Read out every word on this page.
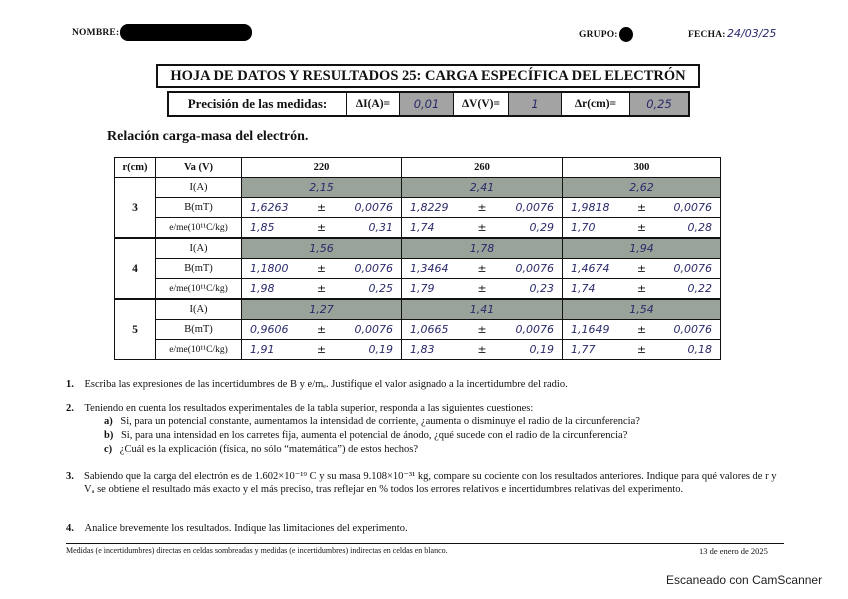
NOMBRE:	GRUPO:	FECHA: 24/03/25
HOJA DE DATOS Y RESULTADOS 25: CARGA ESPECÍFICA DEL ELECTRÓN
Precisión de las medidas:	ΔI(A)=	0,01	ΔV(V)=	1	Δr(cm)=	0,25
Relación carga-masa del electrón.
r(cm)	Va (V)	220	260	300
3	I(A)	2,15	2,41	2,62
	B(mT)	1,6263 ± 0,0076	1,8229 ± 0,0076	1,9818 ± 0,0076

	e/me(10¹¹C/kg)	1,85 ± 0,31	1,74 ± 0,29	1,70 ± 0,28

4	I(A)	1,56	1,78	1,94
	B(mT)	1,1800 ± 0,0076	1,3464 ± 0,0076	1,4674 ± 0,0076

	e/me(10¹¹C/kg)	1,98 ± 0,25	1,79 ± 0,23	1,74 ± 0,22

5	I(A)	1,27	1,41	1,54
	B(mT)	0,9606 ± 0,0076	1,0665 ± 0,0076	1,1649 ± 0,0076

	e/me(10¹¹C/kg)	1,91 ± 0,19	1,83 ± 0,19	1,77 ± 0,18
1. Escriba las expresiones de las incertidumbres de B y e/mₑ. Justifique el valor asignado a la incertidumbre del radio.
2. Teniendo en cuenta los resultados experimentales de la tabla superior, responda a las siguientes cuestiones:
a) Si, para un potencial constante, aumentamos la intensidad de corriente, ¿aumenta o disminuye el radio de la circunferencia?
b) Si, para una intensidad en los carretes fija, aumenta el potencial de ánodo, ¿qué sucede con el radio de la circunferencia?
c) ¿Cuál es la explicación (física, no sólo “matemática”) de estos hechos?
3. Sabiendo que la carga del electrón es de 1.602×10⁻¹⁹ C y su masa 9.108×10⁻³¹ kg, compare su cociente con los resultados anteriores. Indique para qué valores de r y Vₐ se obtiene el resultado más exacto y el más preciso, tras reflejar en % todos los errores relativos e incertidumbres relativas del experimento.
4. Analice brevemente los resultados. Indique las limitaciones del experimento.
Medidas (e incertidumbres) directas en celdas sombreadas y medidas (e incertidumbres) indirectas en celdas en blanco.	13 de enero de 2025
Escaneado con CamScanner
